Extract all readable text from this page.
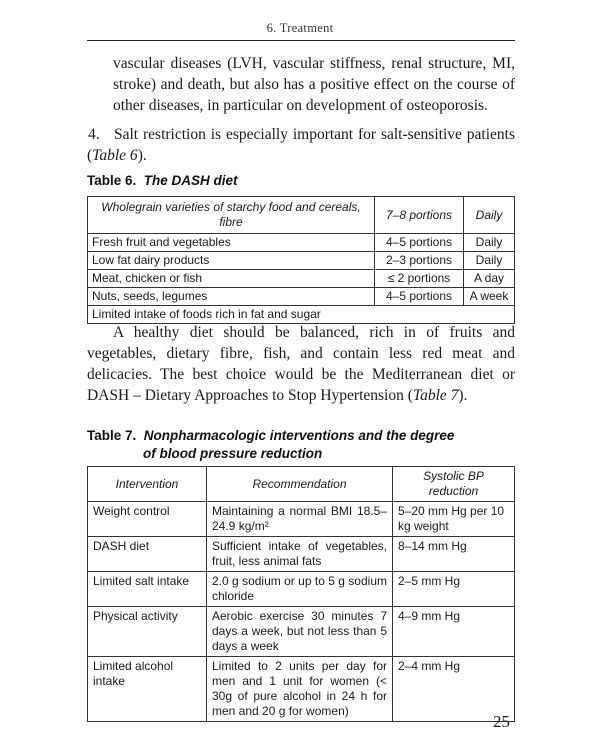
6. Treatment
vascular diseases (LVH, vascular stiffness, renal structure, MI, stroke) and death, but also has a positive effect on the course of other diseases, in particular on development of osteoporosis.
4. Salt restriction is especially important for salt-sensitive patients (Table 6).
Table 6. The DASH diet
Wholegrain varieties of starchy food and cereals, fibre	7–8 portions	Daily
Fresh fruit and vegetables	4–5 portions	Daily
Low fat dairy products	2–3 portions	Daily
Meat, chicken or fish	≤ 2 portions	A day
Nuts, seeds, legumes	4–5 portions	A week
Limited intake of foods rich in fat and sugar		
A healthy diet should be balanced, rich in of fruits and vegetables, dietary fibre, fish, and contain less red meat and delicacies. The best choice would be the Mediterranean diet or DASH – Dietary Approaches to Stop Hypertension (Table 7).
Table 7. Nonpharmacologic interventions and the degree
of blood pressure reduction
Intervention	Recommendation	Systolic BP reduction
Weight control	Maintaining a normal BMI 18.5–24.9 kg/m²	5–20 mm Hg per 10 kg weight
DASH diet	Sufficient intake of vegetables, fruit, less animal fats	8–14 mm Hg
Limited salt intake	2.0 g sodium or up to 5 g sodium chloride	2–5 mm Hg
Physical activity	Aerobic exercise 30 minutes 7 days a week, but not less than 5 days a week	4–9 mm Hg
Limited alcohol intake	Limited to 2 units per day for men and 1 unit for women (< 30g of pure alcohol in 24 h for men and 20 g for women)	2–4 mm Hg
25
